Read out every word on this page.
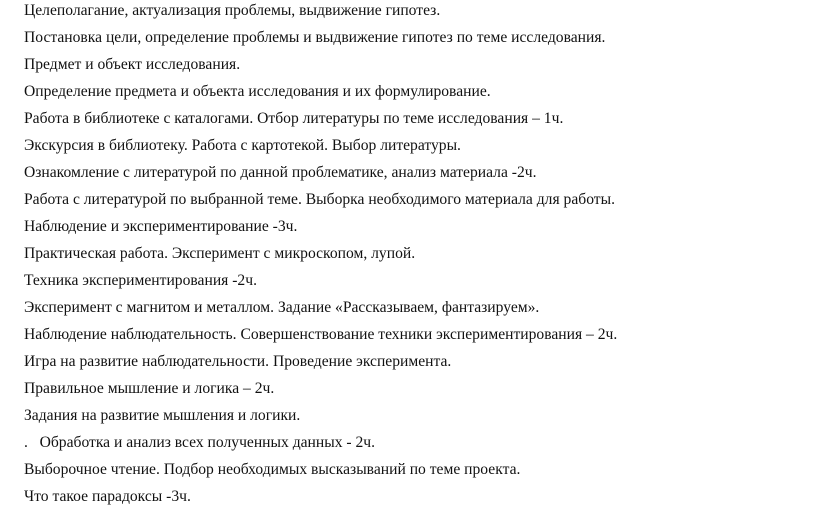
Целеполагание, актуализация проблемы, выдвижение гипотез.
Постановка цели, определение проблемы и выдвижение гипотез по теме исследования.
Предмет и объект исследования.
Определение предмета и объекта исследования и их формулирование.
Работа в библиотеке с каталогами. Отбор литературы по теме исследования – 1ч.
Экскурсия в библиотеку. Работа с картотекой. Выбор литературы.
Ознакомление с литературой по данной проблематике, анализ материала -2ч.
Работа с литературой по выбранной теме. Выборка необходимого материала для работы.
Наблюдение и экспериментирование -3ч.
Практическая работа. Эксперимент с микроскопом, лупой.
Техника экспериментирования -2ч.
Эксперимент с магнитом и металлом. Задание «Рассказываем, фантазируем».
Наблюдение наблюдательность. Совершенствование техники экспериментирования – 2ч.
Игра на развитие наблюдательности. Проведение эксперимента.
Правильное мышление и логика – 2ч.
Задания на развитие мышления и логики.
.   Обработка и анализ всех полученных данных - 2ч.
Выборочное чтение. Подбор необходимых высказываний по теме проекта.
Что такое парадоксы -3ч.
